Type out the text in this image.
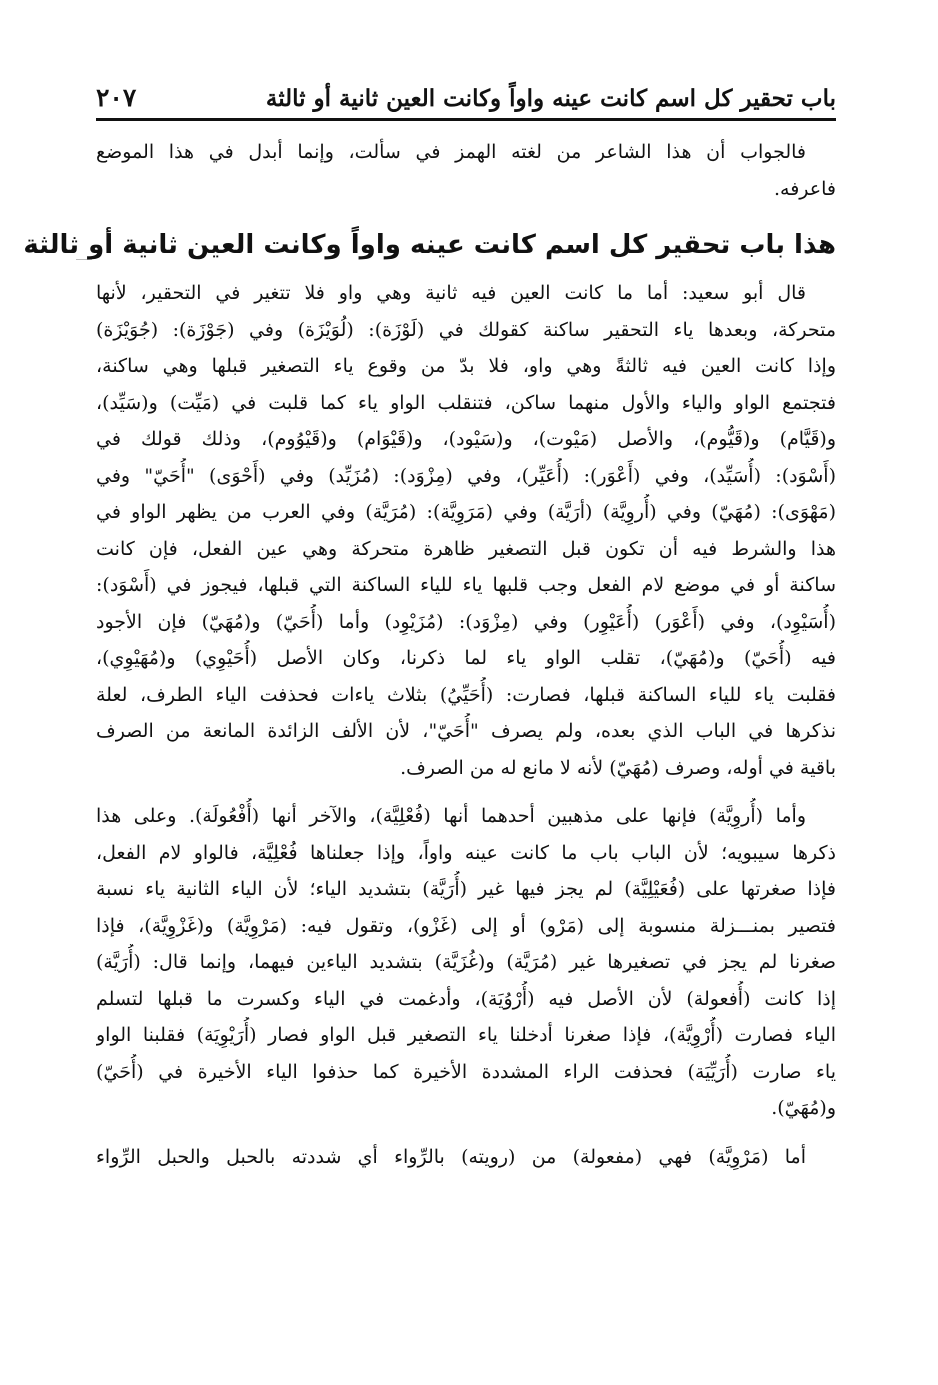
باب تحقير كل اسم كانت عينه واواً وكانت العين ثانية أو ثالثة
٢٠٧
فالجواب أن هذا الشاعر من لغته الهمز في سألت، وإنما أبدل في هذا الموضع
فاعرفه.
هذا باب تحقير كل اسم كانت عينه واواً وكانت العين ثانية أو ثالثة
قال أبو سعيد: أما ما كانت العين فيه ثانية وهي واو فلا تتغير في التحقير، لأنها
متحركة، وبعدها ياء التحقير ساكنة كقولك في (لَوْزَة): (لُوَيْزَة) وفي (جَوْزَة): (جُوَيْزَة)
وإذا كانت العين فيه ثالثةً وهي واو، فلا بدّ من وقوع ياء التصغير قبلها وهي ساكنة،
فتجتمع الواو والياء والأول منهما ساكن، فتنقلب الواو ياء كما قلبت في (مَيِّت) و(سَيِّد)،
و(قَيَّام) و(قَيُّوم)، والأصل (مَيْوت)، و(سَيْود)، و(قَيْوَام) و(قَيْوُوم)، وذلك قولك في
(أَسْوَد): (أُسَيِّد)، وفي (أَعْوَر): (أُعَيِّر)، وفي (مِزْوَد): (مُزَيِّد) وفي (أَحْوَى) "أُحَيّ" وفي
(مَهْوَى): (مُهَيّ) وفي (أُروِيَّة) (أرَيَّة) وفي (مَرَوِيَّة): (مُرَيَّة) وفي العرب من يظهر الواو في
هذا والشرط فيه أن تكون قبل التصغير ظاهرة متحركة وهي عين الفعل، فإن كانت
ساكنة أو في موضع لام الفعل وجب قلبها ياء للياء الساكنة التي قبلها، فيجوز في (أَسْوَد):
(أُسَيْوِد)، وفي (أَعْوَر) (أُعَيْوِر) وفي (مِزْوَد): (مُزَيْوِد) وأما (أُحَيّ) و(مُهَيّ) فإن الأجود
فيه (أُحَيّ) و(مُهَيّ)، تقلب الواو ياء لما ذكرنا، وكان الأصل (أُحَيْوِي) و(مُهَيْوِي)،
فقلبت ياء للياء الساكنة قبلها، فصارت: (أُحَيِّيُ) بثلاث ياءات فحذفت الياء الطرف، لعلة
نذكرها في الباب الذي بعده، ولم يصرف "أُحَيّ"، لأن الألف الزائدة المانعة من الصرف
باقية في أوله، وصرف (مُهَيّ) لأنه لا مانع له من الصرف.
وأما (أُروِيَّة) فإنها على مذهبين أحدهما أنها (فُعْلِيَّة)، والآخر أنها (أُفْعُولَة). وعلى هذا
ذكرها سيبويه؛ لأن الباب باب ما كانت عينه واواً، وإذا جعلناها فُعْلِيَّة، فالواو لام الفعل،
فإذا صغرتها على (فُعَيْلِيَّة) لم يجز فيها غير (أُرَيَّة) بتشديد الياء؛ لأن الياء الثانية ياء نسبة
فتصير بمنـــزلة منسوبة إلى (مَرْو) أو إلى (غَزْو)، وتقول فيه: (مَرْوِيَّة) و(غَزْوِيَّة)، فإذا
صغرنا لم يجز في تصغيرها غير (مُرَيَّة) و(غُزَيَّة) بتشديد الياءين فيهما، وإنما قال: (أُرَيَّة)
إذا كانت (أُفعولة) لأن الأصل فيه (أُرْوُيَة)، وأدغمت في الياء وكسرت ما قبلها لتسلم
الياء فصارت (أُرْوِيَّة)، فإذا صغرنا أدخلنا ياء التصغير قبل الواو فصار (أُرَيْوِيَة) فقلبنا الواو
ياء صارت (أُرَيِّيَة) فحذفت الراء المشددة الأخيرة كما حذفوا الياء الأخيرة في (أُحَيّ)
و(مُهَيّ).
أما (مَرْوِيَّة) فهي (مفعولة) من (رويته) بالرِّواء أي شددته بالحبل والحبل الرِّواء
